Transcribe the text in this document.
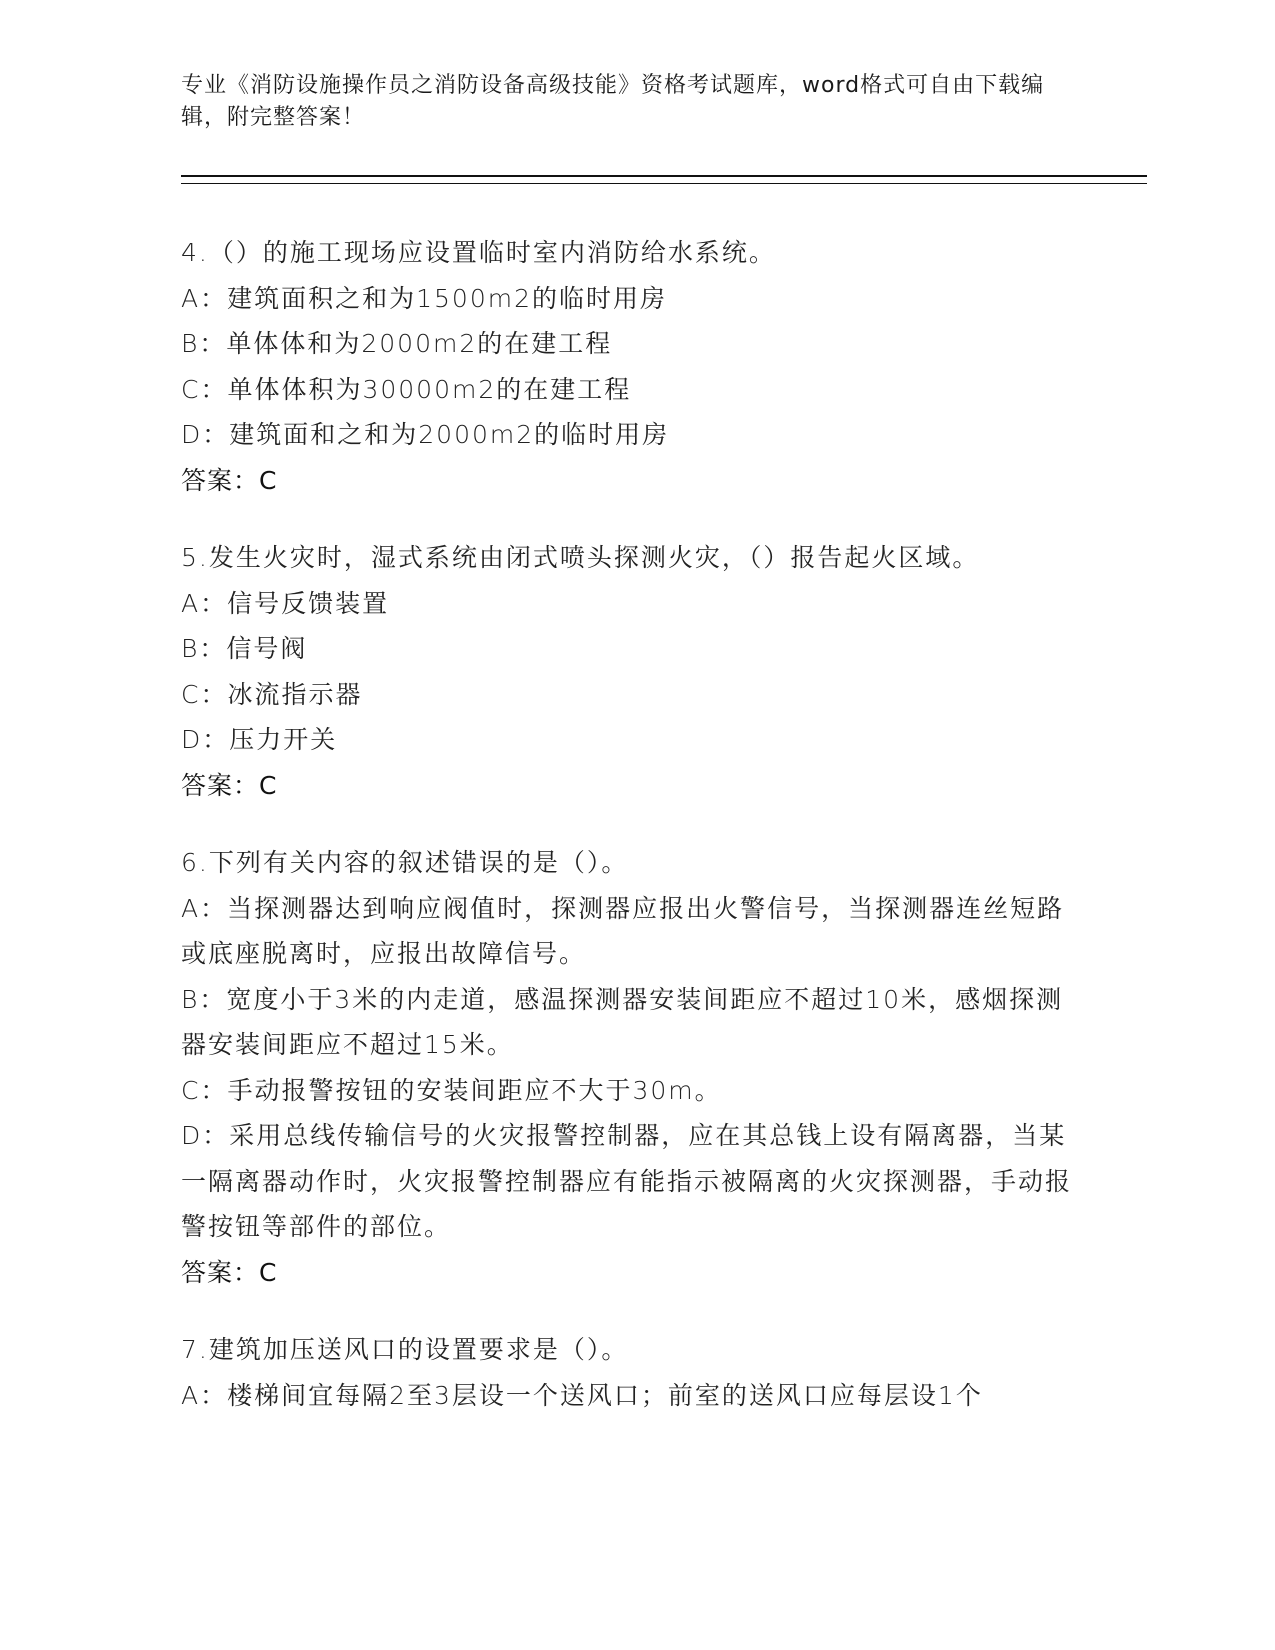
专业《消防设施操作员之消防设备高级技能》资格考试题库，word格式可自由下载编辑，附完整答案！
4.（）的施工现场应设置临时室内消防给水系统。
A：建筑面积之和为1500m2的临时用房
B：单体体和为2000m2的在建工程
C：单体体积为30000m2的在建工程
D：建筑面和之和为2000m2的临时用房
答案：C
5.发生火灾时，湿式系统由闭式喷头探测火灾，（）报告起火区域。
A：信号反馈装置
B：信号阀
C：冰流指示器
D：压力开关
答案：C
6.下列有关内容的叙述错误的是（）。
A：当探测器达到响应阀值时，探测器应报出火警信号，当探测器连丝短路或底座脱离时，应报出故障信号。
B：宽度小于3米的内走道，感温探测器安装间距应不超过10米，感烟探测器安装间距应不超过15米。
C：手动报警按钮的安装间距应不大于30m。
D：采用总线传输信号的火灾报警控制器，应在其总钱上设有隔离器，当某一隔离器动作时，火灾报警控制器应有能指示被隔离的火灾探测器，手动报警按钮等部件的部位。
答案：C
7.建筑加压送风口的设置要求是（）。
A：楼梯间宜每隔2至3层设一个送风口；前室的送风口应每层设1个
